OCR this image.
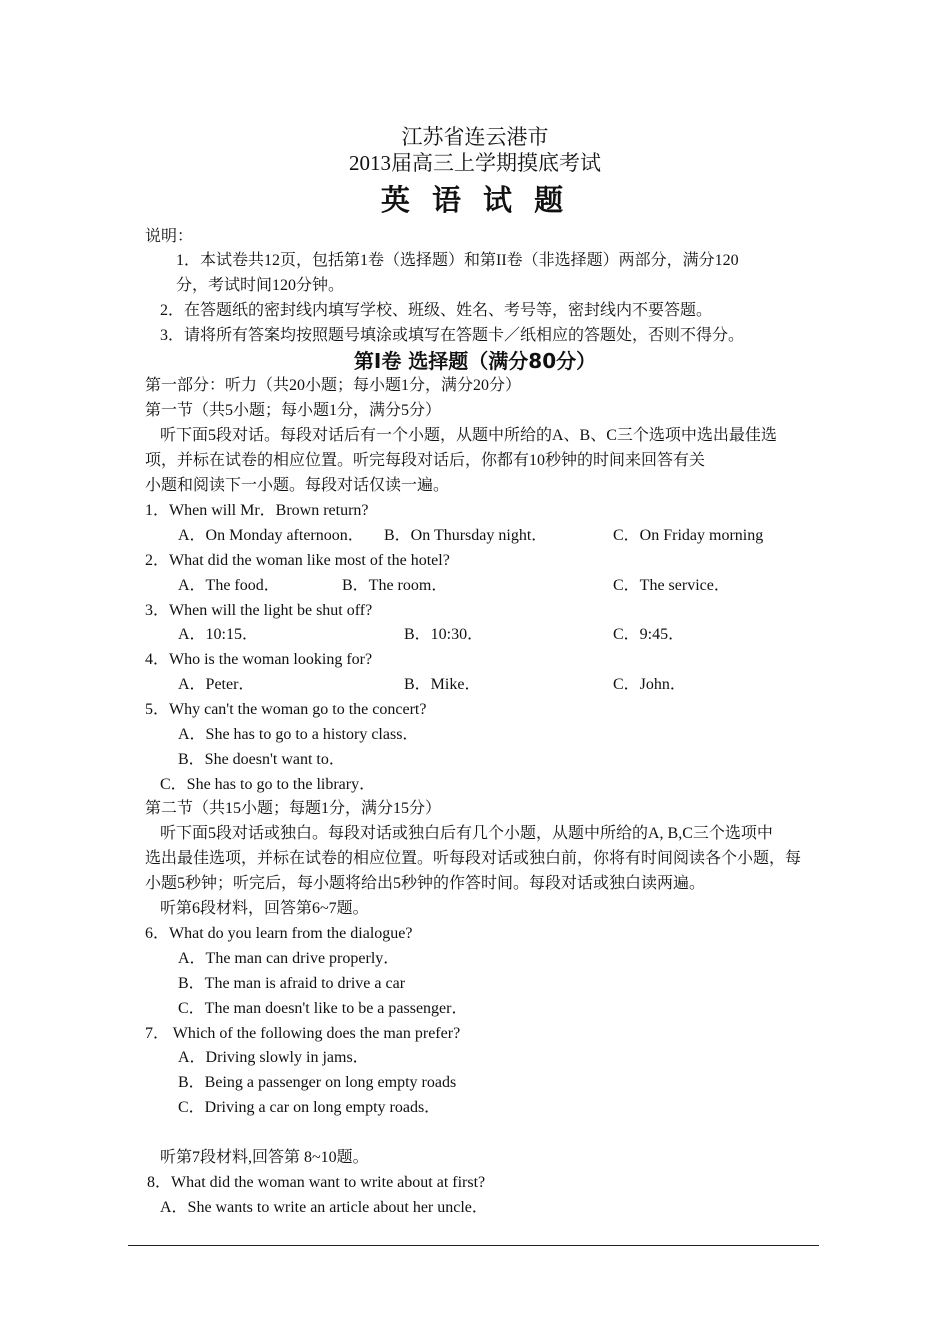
江苏省连云港市
2013届高三上学期摸底考试
英 语 试 题
说明：
1．本试卷共12页，包括第1卷（选择题）和第II卷（非选择题）两部分，满分120
分，考试时间120分钟。
2．在答题纸的密封线内填写学校、班级、姓名、考号等，密封线内不要答题。
3．请将所有答案均按照题号填涂或填写在答题卡／纸相应的答题处，否则不得分。
第Ⅰ卷 选择题（满分80分）
第一部分：听力（共20小题；每小题1分，满分20分）
第一节（共5小题；每小题1分，满分5分）
听下面5段对话。每段对话后有一个小题，从题中所给的A、B、C三个选项中选出最佳选
项，并标在试卷的相应位置。听完每段对话后，你都有10秒钟的时间来回答有关
小题和阅读下一小题。每段对话仅读一遍。
1．When will Mr．Brown return?
A．On Monday afternoon． B．On Thursday night．	C．On Friday morning
2．What did the woman like most of the hotel?
A．The food．	B．The room．	C．The service．
3．When will the light be shut off?
A．10:15．	B．10:30．	C．9:45．
4．Who is the woman looking for?
A．Peter．	B．Mike．	C．John．
5．Why can't the woman go to the concert?
A．She has to go to a history class．
B．She doesn't want to．
C．She has to go to the library．
第二节（共15小题；每题1分，满分15分）
听下面5段对话或独白。每段对话或独白后有几个小题，从题中所给的A, B,C三个选项中
选出最佳选项，并标在试卷的相应位置。听每段对话或独白前，你将有时间阅读各个小题，每
小题5秒钟；听完后，每小题将给出5秒钟的作答时间。每段对话或独白读两遍。
听第6段材料，回答第6~7题。
6．What do you learn from the dialogue?
A．The man can drive properly．
B．The man is afraid to drive a car
C．The man doesn't like to be a passenger．
7． Which of the following does the man prefer?
A．Driving slowly in jams．
B．Being a passenger on long empty roads
C．Driving a car on long empty roads．
听第7段材料,回答第 8~10题。
8．What did the woman want to write about at first?
A．She wants to write an article about her uncle．
